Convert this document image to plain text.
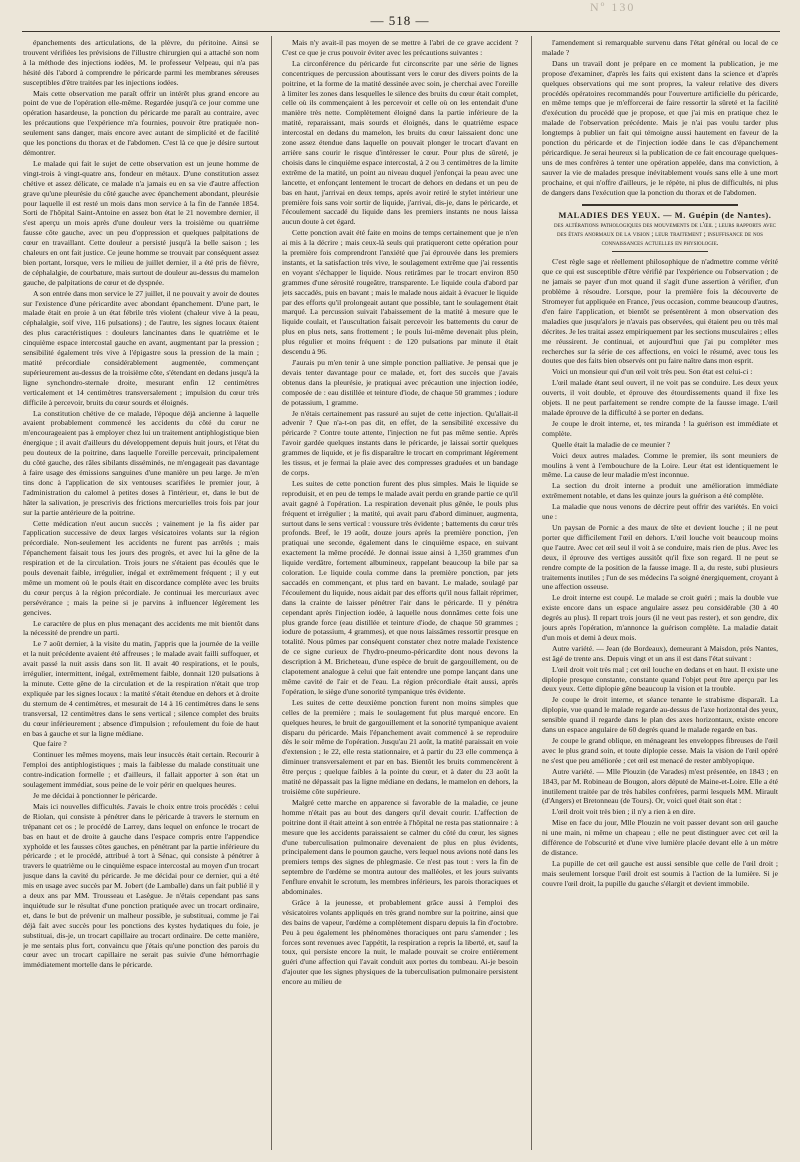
Nº 130
— 518 —

épanchements des articulations, de la plèvre, du péritoine. Ainsi se trouvent vérifiées les prévisions de l'illustre chirurgien qui a attaché son nom à la méthode des injections iodées, M. le professeur Velpeau, qui n'a pas hésité dès l'abord à comprendre le péricarde parmi les membranes séreuses susceptibles d'être traitées par les injections iodées.

Mais cette observation me paraît offrir un intérêt plus grand encore au point de vue de l'opération elle-même. Regardée jusqu'à ce jour comme une opération hasardeuse, la ponction du péricarde me paraît au contraire, avec les précautions que l'expérience m'a fournies, pouvoir être pratiquée non-seulement sans danger, mais encore avec autant de simplicité et de facilité que les ponctions du thorax et de l'abdomen. C'est là ce que je désire surtout démontrer.

Le malade qui fait le sujet de cette observation est un jeune homme de vingt-trois à vingt-quatre ans, fondeur en métaux. D'une constitution assez chétive et assez délicate, ce malade n'a jamais eu en sa vie d'autre affection grave qu'une pleurésie du côté gauche avec épanchement abondant, pleurésie pour laquelle il est resté un mois dans mon service à la fin de l'année 1854. Sorti de l'hôpital Saint-Antoine en assez bon état le 21 novembre dernier, il s'est aperçu un mois après d'une douleur vers la troisième ou quatrième fausse côte gauche, avec un peu d'oppression et quelques palpitations de cœur en travaillant. Cette douleur a persisté jusqu'à la belle saison ; les chaleurs en ont fait justice. Ce jeune homme se trouvait par conséquent assez bien portant, lorsque, vers le milieu de juillet dernier, il a été pris de fièvre, de céphalalgie, de courbature, mais surtout de douleur au-dessus du mamelon gauche, de palpitations de cœur et de dyspnée.

A son entrée dans mon service le 27 juillet, il ne pouvait y avoir de doutes sur l'existence d'une péricardite avec abondant épanchement. D'une part, le malade était en proie à un état fébrile très violent (chaleur vive à la peau, céphalalgie, soif vive, 116 pulsations) ; de l'autre, les signes locaux étaient des plus caractéristiques : douleurs lancinantes dans le quatrième et le cinquième espace intercostal gauche en avant, augmentant par la pression ; sensibilité également très vive à l'épigastre sous la pression de la main ; matité précordiale considérablement augmentée, commençant supérieurement au-dessus de la troisième côte, s'étendant en dedans jusqu'à la ligne synchondro-sternale droite, mesurant enfin 12 centimètres verticalement et 14 centimètres transversalement ; impulsion du cœur très difficile à percevoir, bruits du cœur sourds et éloignés.

La constitution chétive de ce malade, l'époque déjà ancienne à laquelle avaient probablement commencé les accidents du côté du cœur ne m'encourageaient pas à employer chez lui un traitement antiphlogistique bien énergique ; il avait d'ailleurs du développement depuis huit jours, et l'état du peu douteux de la poitrine, dans laquelle l'oreille percevait, principalement du côté gauche, des râles sibilants disséminés, ne m'engageait pas davantage à faire usage des émissions sanguines d'une manière un peu large. Je m'en tins donc à l'application de six ventouses scarifiées le premier jour, à l'administration du calomel à petites doses à l'intérieur, et, dans le but de hâter la salivation, je prescrivis des frictions mercurielles trois fois par jour sur la partie antérieure de la poitrine.

Cette médication n'eut aucun succès ; vainement je la fis aider par l'application successive de deux larges vésicatoires volants sur la région précordiale. Non-seulement les accidents ne furent pas arrêtés ; mais l'épanchement faisait tous les jours des progrès, et avec lui la gêne de la respiration et de la circulation. Trois jours ne s'étaient pas écoulés que le pouls devenait faible, irrégulier, inégal et extrêmement fréquent ; il y eut même un moment où le pouls était en discordance complète avec les bruits du cœur perçus à la région précordiale. Je continuai les mercuriaux avec persévérance ; mais la peine si je parvins à influencer légèrement les gencives.

Le caractère de plus en plus menaçant des accidents me mit bientôt dans la nécessité de prendre un parti.

Le 7 août dernier, à la visite du matin, j'appris que la journée de la veille et la nuit précédente avaient été affreuses ; le malade avait failli suffoquer, et avait passé la nuit assis dans son lit. Il avait 40 respirations, et le pouls, irrégulier, intermittent, inégal, extrêmement faible, donnait 120 pulsations à la minute. Cette gêne de la circulation et de la respiration n'était que trop expliquée par les signes locaux : la matité s'était étendue en dehors et à droite du sternum de 4 centimètres, et mesurait de 14 à 16 centimètres dans le sens transversal, 12 centimètres dans le sens vertical ; silence complet des bruits du cœur inférieurement ; absence d'impulsion ; refoulement du foie de haut en bas à gauche et sur la ligne médiane.

Que faire ?

Continuer les mêmes moyens, mais leur insuccès était certain. Recourir à l'emploi des antiphlogistiques ; mais la faiblesse du malade constituait une contre-indication formelle ; et d'ailleurs, il fallait apporter à son état un soulagement immédiat, sous peine de le voir périr en quelques heures.

Je me décidai à ponctionner le péricarde.

Mais ici nouvelles difficultés. J'avais le choix entre trois procédés : celui de Riolan, qui consiste à pénétrer dans le péricarde à travers le sternum en trépanant cet os ; le procédé de Larrey, dans lequel on enfonce le trocart de bas en haut et de droite à gauche dans l'espace compris entre l'appendice xyphoïde et les fausses côtes gauches, en pénétrant par la partie inférieure du péricarde ; et le procédé, attribué à tort à Sénac, qui consiste à pénétrer à travers le quatrième ou le cinquième espace intercostal au moyen d'un trocart jusque dans la cavité du péricarde. Je me décidai pour ce dernier, qui a été mis en usage avec succès par M. Jobert (de Lamballe) dans un fait publié il y a deux ans par MM. Trousseau et Lasègue. Je n'étais cependant pas sans inquiétude sur le résultat d'une ponction pratiquée avec un trocart ordinaire, et, dans le but de prévenir un malheur possible, je substituai, comme je l'ai déjà fait avec succès pour les ponctions des kystes hydatiques du foie, je substituai, dis-je, un trocart capillaire au trocart ordinaire. De cette manière, je me sentais plus fort, convaincu que j'étais qu'une ponction des parois du cœur avec un trocart capillaire ne serait pas suivie d'une hémorrhagie immédiatement mortelle dans le péricarde.

Mais n'y avait-il pas moyen de se mettre à l'abri de ce grave accident ? C'est ce que je crus pouvoir éviter avec les précautions suivantes :

La circonférence du péricarde fut circonscrite par une série de lignes concentriques de percussion aboutissant vers le cœur des divers points de la poitrine, et la forme de la matité dessinée avec soin, je cherchai avec l'oreille à limiter les zones dans lesquelles le silence des bruits du cœur était complet, celle où ils commençaient à les percevoir et celle où on les entendait d'une manière très nette. Complètement éloigné dans la partie inférieure de la matité, reparaissant, mais sourds et éloignés, dans le quatrième espace intercostal en dedans du mamelon, les bruits du cœur laissaient donc une zone assez étendue dans laquelle on pouvait plonger le trocart d'avant en arrière sans courir le risque d'intéresser le cœur. Pour plus de sûreté, je choisis dans le cinquième espace intercostal, à 2 ou 3 centimètres de la limite extrême de la matité, un point au niveau duquel j'enfonçai la peau avec une lancette, et enfonçant lentement le trocart de dehors en dedans et un peu de bas en haut, j'arrivai en deux temps, après avoir retiré le stylet intérieur une première fois sans voir sortir de liquide, j'arrivai, dis-je, dans le péricarde, et l'écoulement saccadé du liquide dans les premiers instants ne nous laissa aucun doute à cet égard.

Cette ponction avait été faite en moins de temps certainement que je n'en ai mis à la décrire ; mais ceux-là seuls qui pratiqueront cette opération pour la première fois comprendront l'anxiété que j'ai éprouvée dans les premiers instants, et la satisfaction très vive, le soulagement extrême que j'ai ressentis en voyant s'échapper le liquide. Nous retirâmes par le trocart environ 850 grammes d'une sérosité rougeâtre, transparente. Le liquide coula d'abord par jets saccadés, puis en bavant ; mais le malade nous aidait à évacuer le liquide par des efforts qu'il prolongeait autant que possible, tant le soulagement était marqué. La percussion suivait l'abaissement de la matité à mesure que le liquide coulait, et l'auscultation faisait percevoir les battements du cœur de plus en plus nets, sans frottement ; le pouls lui-même devenait plus plein, plus régulier et moins fréquent : de 120 pulsations par minute il était descendu à 96.

J'aurais pu m'en tenir à une simple ponction palliative. Je pensai que je devais tenter davantage pour ce malade, et, fort des succès que j'avais obtenus dans la pleurésie, je pratiquai avec précaution une injection iodée, composée de : eau distillée et teinture d'iode, de chaque 50 grammes ; iodure de potassium, 1 gramme.

Je n'étais certainement pas rassuré au sujet de cette injection. Qu'allait-il advenir ? Que n'a-t-on pas dit, en effet, de la sensibilité excessive du péricarde ? Contre toute attente, l'injection ne fut pas même sentie. Après l'avoir gardée quelques instants dans le péricarde, je laissai sortir quelques grammes de liquide, et je fis disparaître le trocart en comprimant légèrement les tissus, et je fermai la plaie avec des compresses graduées et un bandage de corps.

Les suites de cette ponction furent des plus simples. Mais le liquide se reproduisit, et en peu de temps le malade avait perdu en grande partie ce qu'il avait gagné à l'opération. La respiration devenait plus gênée, le pouls plus fréquent et irrégulier ; la matité, qui avait paru d'abord diminuer, augmenta, surtout dans le sens vertical : voussure très évidente ; battements du cœur très profonds. Bref, le 19 août, douze jours après la première ponction, j'en pratiquai une seconde, également dans le cinquième espace, en suivant exactement la même procédé. Je donnai issue ainsi à 1,350 grammes d'un liquide verdâtre, fortement albumineux, rappelant beaucoup la bile par sa coloration. Le liquide coula comme dans la première ponction, par jets saccadés en commençant, et plus tard en bavant. Le malade, soulagé par l'écoulement du liquide, nous aidait par des efforts qu'il nous fallait réprimer, dans la crainte de laisser pénétrer l'air dans le péricarde. Il y pénétra cependant après l'injection iodée, à laquelle nous donnâmes cette fois une plus grande force (eau distillée et teinture d'iode, de chaque 50 grammes ; iodure de potassium, 4 grammes), et que nous laissâmes ressortir presque en totalité. Nous pûmes par conséquent constater chez notre malade l'existence de ce signe curieux de l'hydro-pneumo-péricardite dont nous devons la description à M. Bricheteau, d'une espèce de bruit de gargouillement, ou de clapotement analogue à celui que fait entendre une pompe lançant dans une même cavité de l'air et de l'eau. La région précordiale était aussi, après l'opération, le siège d'une sonorité tympanique très évidente.

Les suites de cette deuxième ponction furent non moins simples que celles de la première ; mais le soulagement fut plus marqué encore. En quelques heures, le bruit de gargouillement et la sonorité tympanique avaient disparu du péricarde. Mais l'épanchement avait commencé à se reproduire dès le soir même de l'opération. Jusqu'au 21 août, la matité paraissait en voie d'extension ; le 22, elle resta stationnaire, et à partir du 23 elle commença à diminuer transversalement et par en bas. Bientôt les bruits commencèrent à être perçus ; quelque faibles à la pointe du cœur, et à dater du 23 août la matité ne dépassait pas la ligne médiane en dedans, le mamelon en dehors, la troisième côte supérieure.

Malgré cette marche en apparence si favorable de la maladie, ce jeune homme n'était pas au bout des dangers qu'il devait courir. L'affection de poitrine dont il était atteint à son entrée à l'hôpital ne resta pas stationnaire : à mesure que les accidents paraissaient se calmer du côté du cœur, les signes d'une tuberculisation pulmonaire devenaient de plus en plus évidents, principalement dans le poumon gauche, vers lequel nous avions noté dans les premiers temps des signes de phlegmasie. Ce n'est pas tout : vers la fin de septembre de l'œdème se montra autour des malléoles, et les jours suivants l'enflure envahit le scrotum, les membres inférieurs, les parois thoraciques et abdominales.

Grâce à la jeunesse, et probablement grâce aussi à l'emploi des vésicatoires volants appliqués en très grand nombre sur la poitrine, ainsi que des bains de vapeur, l'œdème a complètement disparu depuis la fin d'octobre. Peu à peu également les phénomènes thoraciques ont paru s'amender ; les forces sont revenues avec l'appétit, la respiration a repris la liberté, et, sauf la toux, qui persiste encore la nuit, le malade pouvait se croire entièrement guéri d'une affection qui l'avait conduit aux portes du tombeau. Ai-je besoin d'ajouter que les signes physiques de la tuberculisation pulmonaire persistent encore au milieu de

l'amendement si remarquable survenu dans l'état général ou local de ce malade ?

Dans un travail dont je prépare en ce moment la publication, je me propose d'examiner, d'après les faits qui existent dans la science et d'après quelques observations qui me sont propres, la valeur relative des divers procédés opératoires recommandés pour l'ouverture artificielle du péricarde, en même temps que je m'efforcerai de faire ressortir la sûreté et la facilité d'exécution du procédé que je propose, et que j'ai mis en pratique chez le malade de l'observation précédente. Mais je n'ai pas voulu tarder plus longtemps à publier un fait qui témoigne aussi hautement en faveur de la ponction du péricarde et de l'injection iodée dans le cas d'épanchement péricardique. Je serai heureux si la publication de ce fait encourage quelques-uns de mes confrères à tenter une opération appelée, dans ma conviction, à sauver la vie de malades presque inévitablement voués sans elle à une mort prochaine, et qui n'offre d'ailleurs, je le répète, ni plus de difficultés, ni plus de dangers dans l'exécution que la ponction du thorax et de l'abdomen.

MALADIES DES YEUX. — M. Guépin (de Nantes).

des altérations pathologiques des mouvements de l'œil ; leurs rapports avec des états anormaux de la vision ; leur traitement ; insuffisance de nos connaissances actuelles en physiologie.

C'est règle sage et réellement philosophique de n'admettre comme vérité que ce qui est susceptible d'être vérifié par l'expérience ou l'observation ; de ne jamais se payer d'un mot quand il s'agit d'une assertion à vérifier, d'un problème à résoudre. Lorsque, pour la première fois la découverte de Stromeyer fut appliquée en France, j'eus occasion, comme beaucoup d'autres, d'en faire l'application, et bientôt se présentèrent à mon observation des maladies que jusqu'alors je n'avais pas observées, qui étaient peu ou très mal décrites. Je les traitai assez empiriquement par les sections musculaires ; elles me réussirent. Je continuai, et aujourd'hui que j'ai pu compléter mes recherches sur la série de ces affections, en voici le résumé, avec tous les doutes que des faits bien observés ont pu faire naître dans mon esprit.

Voici un monsieur qui d'un œil voit très peu. Son état est celui-ci :

L'œil malade étant seul ouvert, il ne voit pas se conduire. Les deux yeux ouverts, il voit double, et éprouve des étourdissements quand il fixe les objets. Il ne peut parfaitement se rendre compte de la fausse image. L'œil malade éprouve de la difficulté à se porter en dedans.

Je coupe le droit interne, et, tes miranda ! la guérison est immédiate et complète.

Quelle était la maladie de ce meunier ?

Voici deux autres malades. Comme le premier, ils sont meuniers de moulins à vent à l'embouchure de la Loire. Leur état est identiquement le même. La cause de leur maladie m'est inconnue.

La section du droit interne a produit une amélioration immédiate extrêmement notable, et dans les quinze jours la guérison a été complète.

La maladie que nous venons de décrire peut offrir des variétés. En voici une :

Un paysan de Pornic a des maux de tête et devient louche ; il ne peut porter que difficilement l'œil en dehors. L'œil louche voit beaucoup moins que l'autre. Avec cet œil seul il voit à se conduire, mais rien de plus. Avec les deux, il éprouve des vertiges aussitôt qu'il fixe son regard. Il ne peut se rendre compte de la position de la fausse image. Il a, du reste, subi plusieurs traitements inutiles ; l'un de ses médecins l'a soigné énergiquement, croyant à une affection osseuse.

Le droit interne est coupé. Le malade se croit guéri ; mais la double vue existe encore dans un espace angulaire assez peu considérable (30 à 40 degrés au plus). Il repart trois jours (il ne veut pas rester), et son gendre, dix jours après l'opération, m'annonce la guérison complète. La maladie datait d'un mois et demi à deux mois.

Autre variété. — Jean (de Bordeaux), demeurant à Maisdon, près Nantes, est âgé de trente ans. Depuis vingt et un ans il est dans l'état suivant :

L'œil droit voit très mal ; cet œil louche en dedans et en haut. Il existe une diplopie presque constante, constante quand l'objet peut être aperçu par les deux yeux. Cette diplopie gêne beaucoup la vision et la trouble.

Je coupe le droit interne, et séance tenante le strabisme disparaît. La diplopie, vue quand le malade regarde au-dessus de l'axe horizontal des yeux, sensible quand il regarde dans le plan des axes horizontaux, existe encore dans un espace angulaire de 60 degrés quand le malade regarde en bas.

Je coupe le grand oblique, en ménageant les enveloppes fibreuses de l'œil avec le plus grand soin, et toute diplopie cesse. Mais la vision de l'œil opéré ne s'est que peu améliorée ; cet œil est menacé de rester amblyopique.

Autre variété. — Mlle Plouzin (de Varades) m'est présentée, en 1843 ; en 1843, par M. Robineau de Bougon, alors député de Maine-et-Loire. Elle a été inutilement traitée par de très habiles confrères, parmi lesquels MM. Mirault (d'Angers) et Bretonneau (de Tours). Or, voici quel était son état :

L'œil droit voit très bien ; il n'y a rien à en dire.

Mise en face du jour, Mlle Plouzin ne voit passer devant son œil gauche ni une main, ni même un chapeau ; elle ne peut distinguer avec cet œil la différence de l'obscurité et d'une vive lumière placée devant elle à un mètre de distance.

La pupille de cet œil gauche est aussi sensible que celle de l'œil droit ; mais seulement lorsque l'œil droit est soumis à l'action de la lumière. Si je couvre l'œil droit, la pupille du gauche s'élargit et devient immobile.
